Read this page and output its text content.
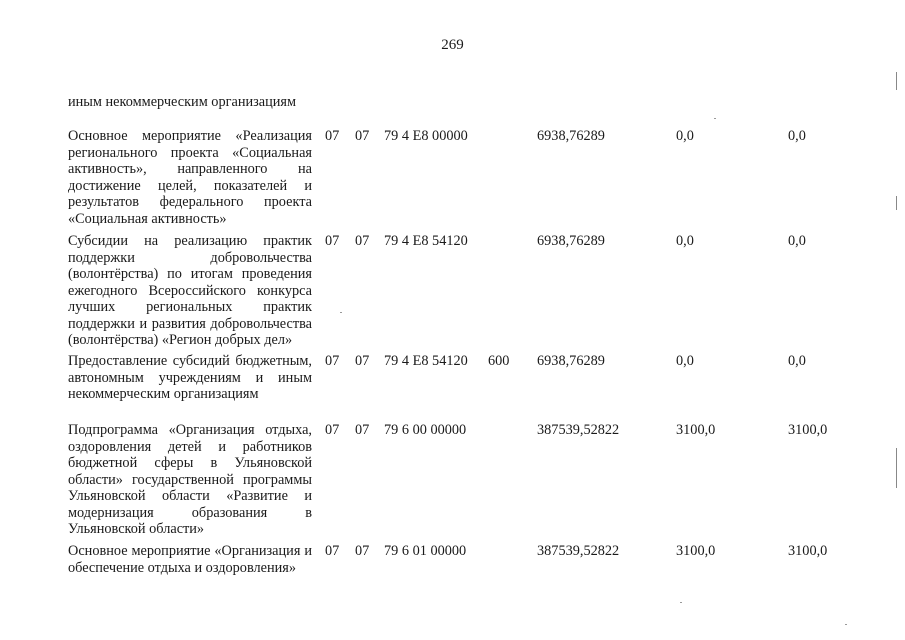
269

иным некоммерческим организациям

Основное мероприятие «Реализация регионального проекта «Социальная активность», направленного на достижение целей, показателей и результатов федерального проекта «Социальная активность»

07 07 79 4 E8 00000	6938,76289	0,0	0,0

Субсидии на реализацию практик поддержки добровольчества (волонтёрства) по итогам проведения ежегодного Всероссийского конкурса лучших региональных практик поддержки и развития добровольчества (волонтёрства) «Регион добрых дел»

07 07 79 4 E8 54120	6938,76289	0,0	0,0

Предоставление субсидий бюджетным, автономным учреждениям и иным некоммерческим организациям

07 07 79 4 E8 54120 600 6938,76289	0,0	0,0

Подпрограмма «Организация отдыха, оздоровления детей и работников бюджетной сферы в Ульяновской области» государственной программы Ульяновской области «Развитие и модернизация образования в Ульяновской области»

07 07 79 6 00 00000	387539,52822	3100,0	3100,0

Основное мероприятие «Организация и обеспечение отдыха и оздоровления»

07 07 79 6 01 00000	387539,52822	3100,0	3100,0
